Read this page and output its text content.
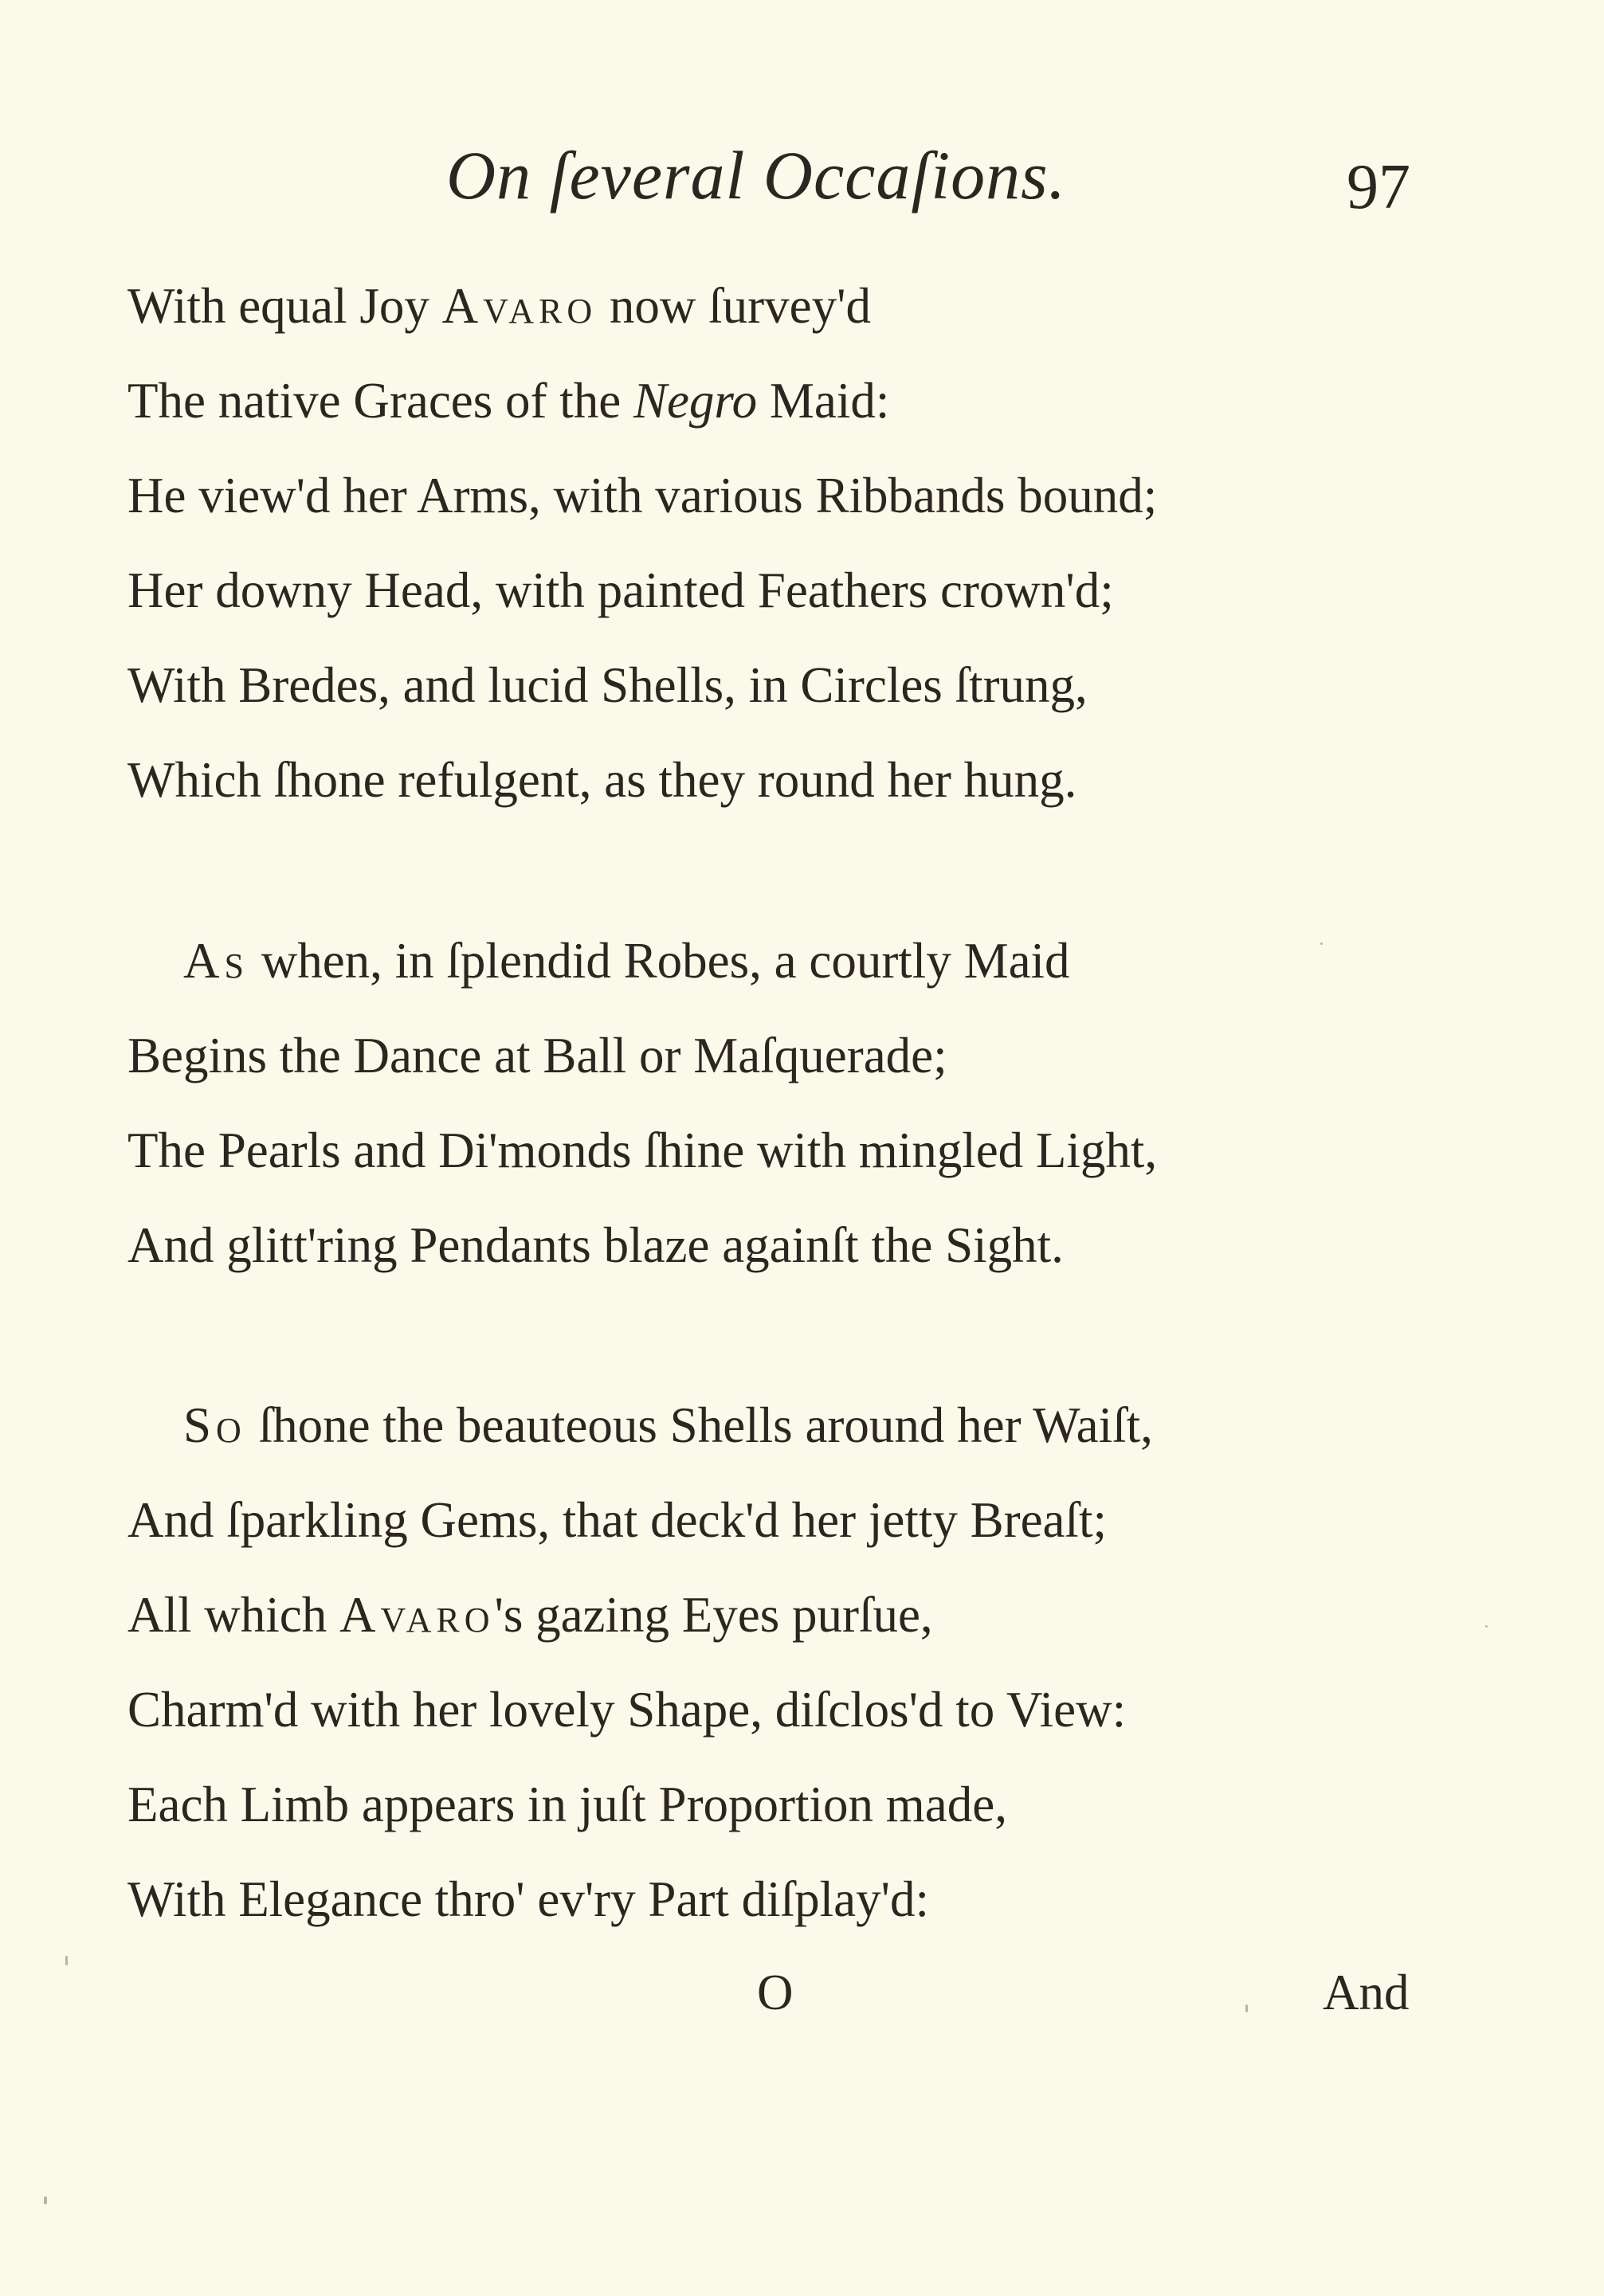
On ſeveral Occaſions.	97
With equal Joy Avaro now ſurvey'd
The native Graces of the Negro Maid:
He view'd her Arms, with various Ribbands bound;
Her downy Head, with painted Feathers crown'd;
With Bredes, and lucid Shells, in Circles ſtrung,
Which ſhone refulgent, as they round her hung.
As when, in ſplendid Robes, a courtly Maid
Begins the Dance at Ball or Maſquerade;
The Pearls and Di'monds ſhine with mingled Light,
And glitt'ring Pendants blaze againſt the Sight.
So ſhone the beauteous Shells around her Waiſt,
And ſparkling Gems, that deck'd her jetty Breaſt;
All which Avaro's gazing Eyes purſue,
Charm'd with her lovely Shape, diſclos'd to View:
Each Limb appears in juſt Proportion made,
With Elegance thro' ev'ry Part diſplay'd:
O	And
